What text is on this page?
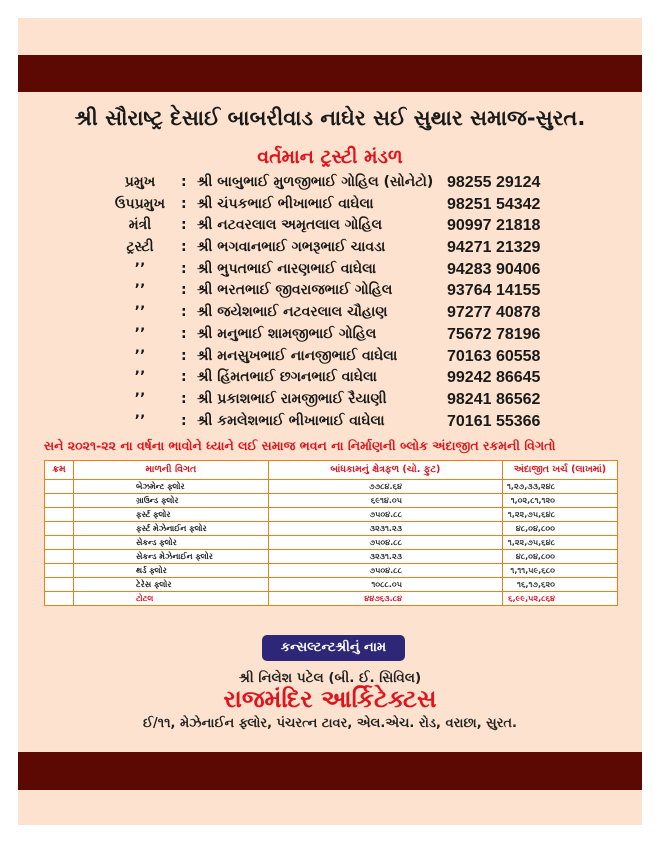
શ્રી સૌરાષ્ટ્ર દેસાઈ બાબરીવાડ નાઘેર સઈ સુથાર સમાજ-સુરત.
વર્તમાન ટ્રસ્ટી મંડળ
પ્રમુખ	: શ્રી બાબુભાઈ મુળજીભાઈ ગોહિલ (સોનેટો) 98255 29124
ઉપપ્રમુખ	: શ્રી ચંપકભાઈ ભીખાભાઈ વાઘેલા	98251 54342
મંત્રી	: શ્રી નટવરલાલ અમૃતલાલ ગોહિલ	90997 21818
ટ્રસ્ટી	: શ્રી ભગવાનભાઈ ગભરૂભાઈ ચાવડા	94271 21329
’’	: શ્રી ભુપતભાઈ નારણભાઈ વાઘેલા	94283 90406
’’	: શ્રી ભરતભાઈ જીવરાજભાઈ ગોહિલ	93764 14155
’’	: શ્રી જયેશભાઈ નટવરલાલ ચૌહાણ	97277 40878
’’	: શ્રી મનુભાઈ શામજીભાઈ ગોહિલ	75672 78196
’’	: શ્રી મનસુખભાઈ નાનજીભાઈ વાઘેલા	70163 60558
’’	: શ્રી હિંમતભાઈ છગનભાઈ વાઘેલા	99242 86645
’’	: શ્રી પ્રકાશભાઈ રામજીભાઈ રૈયાણી	98241 86562
’’	: શ્રી કમલેશભાઈ ભીખાભાઈ વાઘેલા	70161 55366
સને ૨૦૨૧-૨૨ ના વર્ષના ભાવોને ધ્યાને લઈ સમાજ ભવન ના નિર્માણની બ્લોક અંદાજીત રકમની વિગતો
ક્રમ	માળની વિગત	બાંધકામનું ક્ષેત્રફળ (ચો. ફુટ)	અંદાજીત ખર્ચ (લાખમાં)
	બેઝમેન્ટ ફ્લોર	૭૭૮૪.૬૪	૧,૨૭,૩૩,૨૪૮
	ગ્રાઉન્ડ ફ્લોર	૬૯૧૪.૦૫	૧,૦૨,૮૧,૧૨૦
	ફર્સ્ટ ફ્લોર	૭૫૦૪.૮૮	૧,૨૨,૭૫,૬૪૮
	ફર્સ્ટ મેઝેનાઈન ફ્લોર	૩૨૩૧.૨૩	૪૮,૦૪,૮૦૦
	સેકન્ડ ફ્લોર	૭૫૦૪.૮૮	૧,૨૨,૭૫,૬૪૮
	સેકન્ડ મેઝેનાઈન ફ્લોર	૩૨૩૧.૨૩	૪૮,૦૪,૮૦૦
	થર્ડ ફ્લોર	૭૫૦૪.૮૮	૧,૧૧,૫૯,૬૮૦
	ટેરેસ ફ્લોર	૧૦૮૮.૦૫	૧૬,૧૭,૬૨૦
	ટોટલ	૪૪૭૬૩.૮૪	૬,૯૯,૫૨,૮૬૪
કન્સલ્ટન્ટશ્રીનું નામ
શ્રી નિલેશ પટેલ (બી. ઈ. સિવિલ)
રાજમંદિર આર્કિટેક્ટસ
ઈ/૧૧, મેઝેનાઈન ફ્લોર, પંચરત્ન ટાવર, એલ.એચ. રોડ, વરાછા, સુરત.
